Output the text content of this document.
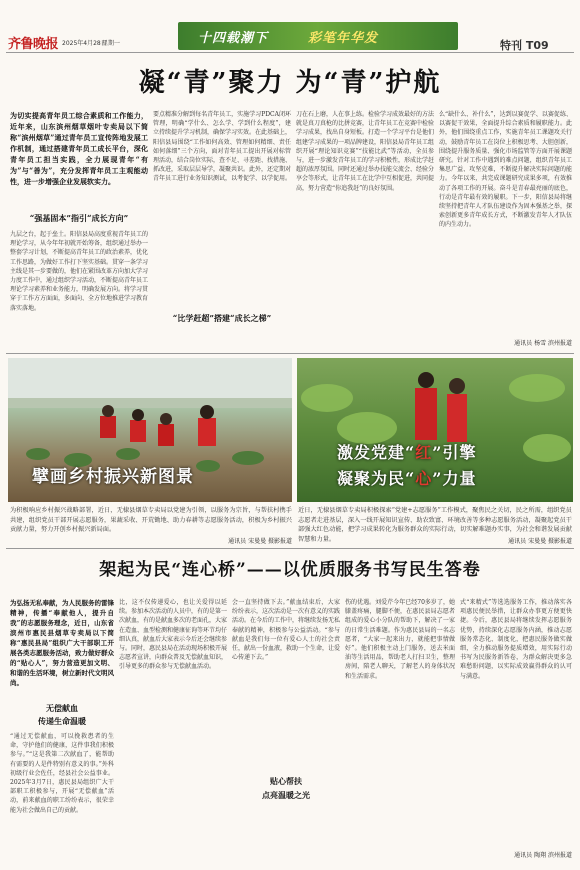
齐鲁晚报 2025年4月28日
星期一	十四载潮下	彩笔年华发	特刊 T09
凝“青”聚力 为“青”护航
为切实提高青年员工综合素质和工作能力，近年来，山东滨州烟草烟叶专卖局以下简称“滨州烟草”通过青年员工宣传阵地发展工作机制，通过搭建青年员工成长平台，深化青年员工担当实践，全力展现青年“有为”与“善为”，充分发挥青年员工主观能动性，进一步增强企业发展软实力。
“强基固本”指引“成长方向”
九层之台，起于垒土。阳信县局高度重视青年员工的理论学习，从今年年初就开始筹备，组织通过举办一整套学习计划，不断提高青年员工的政治素养，优化工作思路，为做好工作打下坚实基础。贯穿一条学习主线是其一步要做的，他们在紧围改革方向加大学习力度工作中，通过组织学习活动，不断提高青年员工理论学习素养和业务能力，明确发展方向。将学习贯穿于工作方方面面，多面向、全方位地推进学习教育落实落地。
要点精准分解到每名青年员工，实施学习PDCA闭环管理，明确“学什么、怎么学、学到什么程度”，建立持续提升学习机制，确保学习实效。在此基础上，阳信县局围绕“工作如何高效、管理如何精细、责任如何落细”三个方向，面对青年员工提出开展对标管理活动，结合岗位实际，查不足、寻差距、找措施、抓改进，采取层层导学，凝聚共识。此外，还定期对青年员工进行业务知识测试，以考促学、以学促用。
“比学赶超”搭建“成长之梯”
刀在石上磨，人在事上练。检验学习成效最好的方法就是真刀真枪的比拼竞赛，让青年员工在竞赛中检验学习成果，找出自身短板。打造一个学习平台是他们组建学习成果的一项品牌建设，阳信县局青年员工组织开展“理论知识竞赛”“技能比武”等活动，全员参与，进一步激发青年员工的学习积极性，形成比学赶超的浓厚氛围。同时还通过举办技能交流会、经验分享会等形式，让青年员工在比学中互相促进，共同提高，努力营造“你追我赶”的良好氛围。
么“缺什么、补什么”，达到以赛促学、以赛促练、以赛促干效果，全面提升综合素质和履职能力。此外，他们围绕重点工作，实施青年员工课题攻关行动，鼓励青年员工在岗位上积极思考、大胆创新，围绕提升服务质量、强化市场监管等方面开展课题研究。针对工作中遇到的难点问题，组织青年员工集思广益、攻坚克难，不断提升解决实际问题的能力。今年以来，共完成课题研究成果多项，有效推动了各项工作的开展。奋斗是青春最亮丽的底色，行动是青年最有效的履职。下一步，阳信县局将继续坚持把青年人才队伍建设作为固本强基之举，探索创新更多青年成长方式，不断激发青年人才队伍的内生动力。
通讯员 杨雪 滨州报道
擘画乡村振兴新图景
为积极响应乡村振兴战略部署，近日，无棣县烟草专卖局以党建为引领，以服务为宗旨，与帮扶村携手共建，组织党员干部开展志愿服务，果蔬采收、开荒锄地、助力春耕等志愿服务活动，积极为乡村振兴贡献力量，努力开创乡村振兴新局面。
通讯员 宋曼曼 摄影报道
激发党建“红”引擎
凝聚为民“心”力量
近日，无棣县烟草专卖局积极探索“党建+志愿服务”工作模式，聚焦民之关切，民之所需，组织党员志愿者走进基层，深入一线开展知识宣传、助农致富、环境改善等多种志愿服务活动，凝聚起党员干部强大红色动能，把学习成果转化为服务群众的实际行动，切实解难题办实事，为社会和谐发展贡献智慧和力量。	通讯员 宋曼曼 摄影报道
架起为民“连心桥”——以优质服务书写民生答卷
为弘扬无私奉献，为人民服务的雷锋精神，传播“奉献他人，提升自我”的志愿服务理念，近日，山东省滨州市惠民县烟草专卖局以下简称“惠民县局”组织广大干部职工开展各类志愿服务活动，致力做好群众的“贴心人”，努力营造更加文明、和谐的生活环境，树立新时代文明风尚。
无偿献血
传递生命温暖
“通过无偿献血，可以挽救患者的生命，守护他们的健康，这件事我们积极参与。”“这是我第二次献血了，能帮助有需要的人是件特别有意义的事。”外科初级行业会佐任，经县社会公益事业。2025年3月7日，惠民县局组织广大干部职工积极参与，开展“无偿献血”活动，前来献血的职工纷纷表示，很荣幸能为社会做出自己的贡献。
比，这不仅传递爱心，也让关爱得以延续。参加本次活动的人员中，有的是第一次献血，有的是献血多次的老面孔，大家在造血、血型检测和健康征询等环节均仔细认真，献血后大家表示今后还会继续参与。同时，惠民县局在活动现场积极开展志愿者宣讲，向群众普及无偿献血知识，引导更多的群众参与无偿献血活动。
会一直坚持做下去。”献血结束后，大家纷纷表示，这次活动是一次有意义的实践活动。在今后的工作中，将继续发扬无私奉献的精神，积极参与公益活动。“参与献血是我们每一位有爱心人士的社会责任，献出一份血液，救助一个生命，让爱心传递下去。”
贴心帮扶
点亮温暖之光
伤的优遇。刘爱芹今年已经70多岁了，她膝盖疼痛，腿脚不便，在惠民县局志愿者组成的爱心小分队的帮助下，解决了一家的日常生活难题。作为惠民县局的一名志愿者，“大家一起来出力，就能把事情做好”。他们积极主动上门服务，送去米面油等生活用品，帮助老人打扫卫生，整理房间，陪老人聊天，了解老人的身体状况和生活需求。
式“来精式”等选选服务工作，推动落实各项惠民便民举措，让群众办事更方便更快捷。今后，惠民县局将继续发挥志愿服务优势，持续深化志愿服务内涵，推动志愿服务常态化、制度化，把惠民服务做实做细，全力推动服务提质增效，用实际行动书写为民服务新答卷，为群众解决更多急难愁盼问题，以实际成效赢得群众的认可与满意。
通讯员 陶翔 滨州报道
